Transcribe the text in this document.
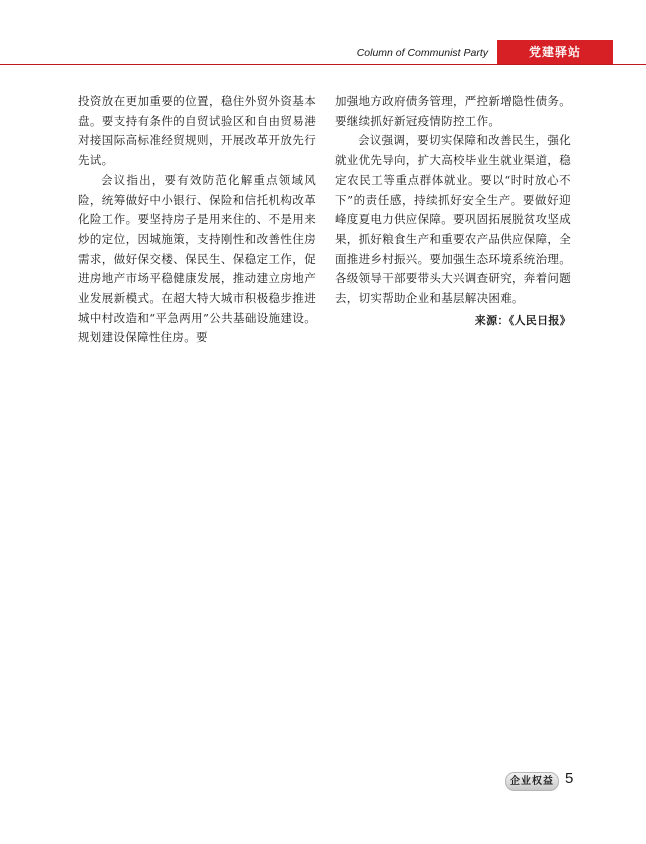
Column of Communist Party	党建驿站

投资放在更加重要的位置，稳住外贸外资基本盘。要支持有条件的自贸试验区和自由贸易港对接国际高标准经贸规则，开展改革开放先行先试。

会议指出，要有效防范化解重点领域风险，统筹做好中小银行、保险和信托机构改革化险工作。要坚持房子是用来住的、不是用来炒的定位，因城施策，支持刚性和改善性住房需求，做好保交楼、保民生、保稳定工作，促进房地产市场平稳健康发展，推动建立房地产业发展新模式。在超大特大城市积极稳步推进城中村改造和“平急两用”公共基础设施建设。规划建设保障性住房。要

加强地方政府债务管理，严控新增隐性债务。要继续抓好新冠疫情防控工作。

会议强调，要切实保障和改善民生，强化就业优先导向，扩大高校毕业生就业渠道，稳定农民工等重点群体就业。要以“时时放心不下”的责任感，持续抓好安全生产。要做好迎峰度夏电力供应保障。要巩固拓展脱贫攻坚成果，抓好粮食生产和重要农产品供应保障，全面推进乡村振兴。要加强生态环境系统治理。各级领导干部要带头大兴调查研究，奔着问题去，切实帮助企业和基层解决困难。

来源：《人民日报》
企业权益 5
